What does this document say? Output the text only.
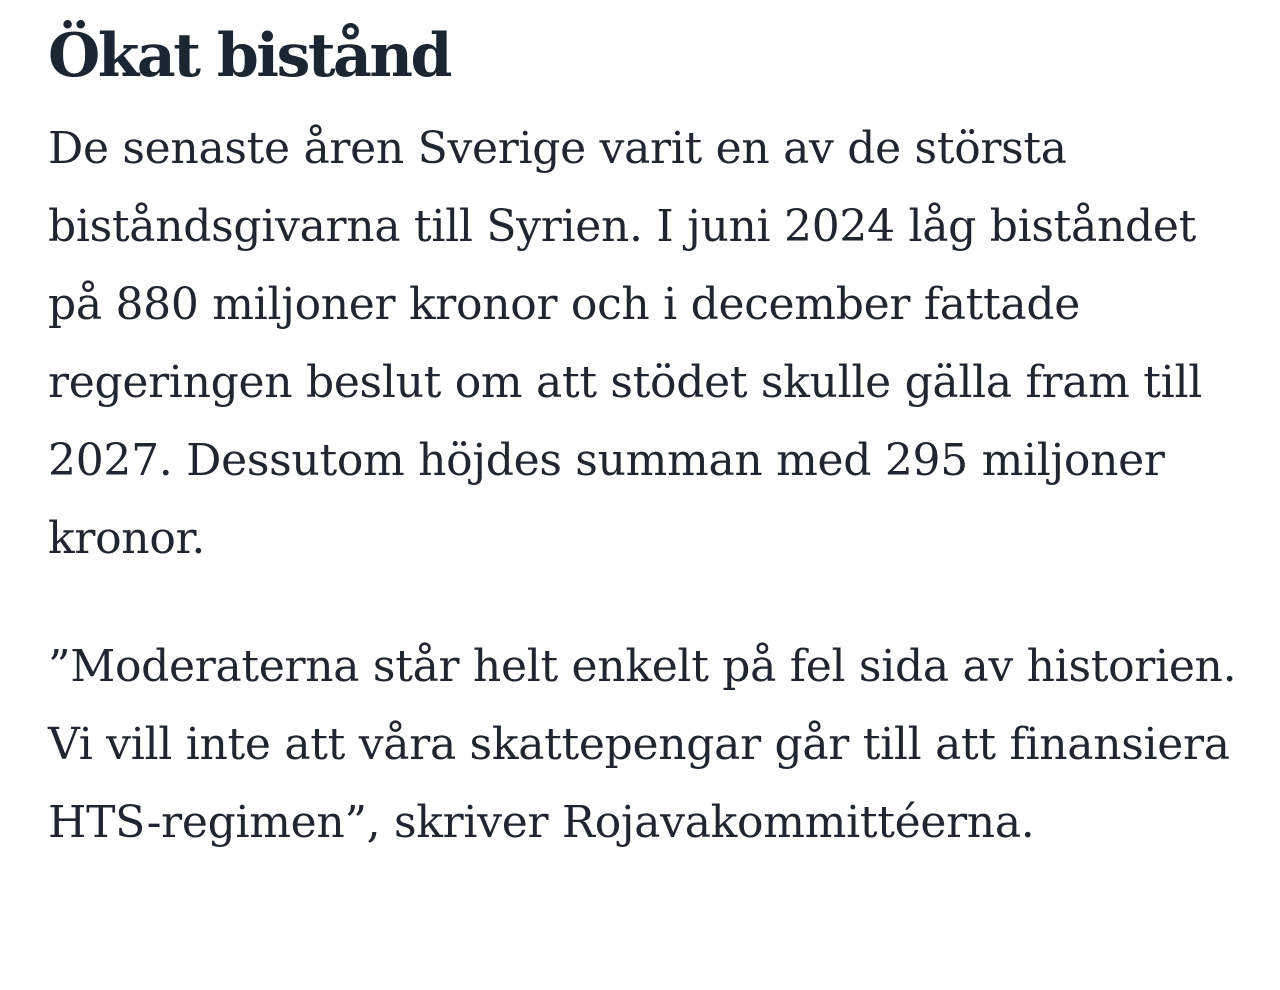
Ökat bistånd

De senaste åren Sverige varit en av de största biståndsgivarna till Syrien. I juni 2024 låg biståndet på 880 miljoner kronor och i december fattade regeringen beslut om att stödet skulle gälla fram till 2027. Dessutom höjdes summan med 295 miljoner kronor.

”Moderaterna står helt enkelt på fel sida av historien. Vi vill inte att våra skattepengar går till att finansiera HTS-regimen”, skriver Rojavakommittéerna.
